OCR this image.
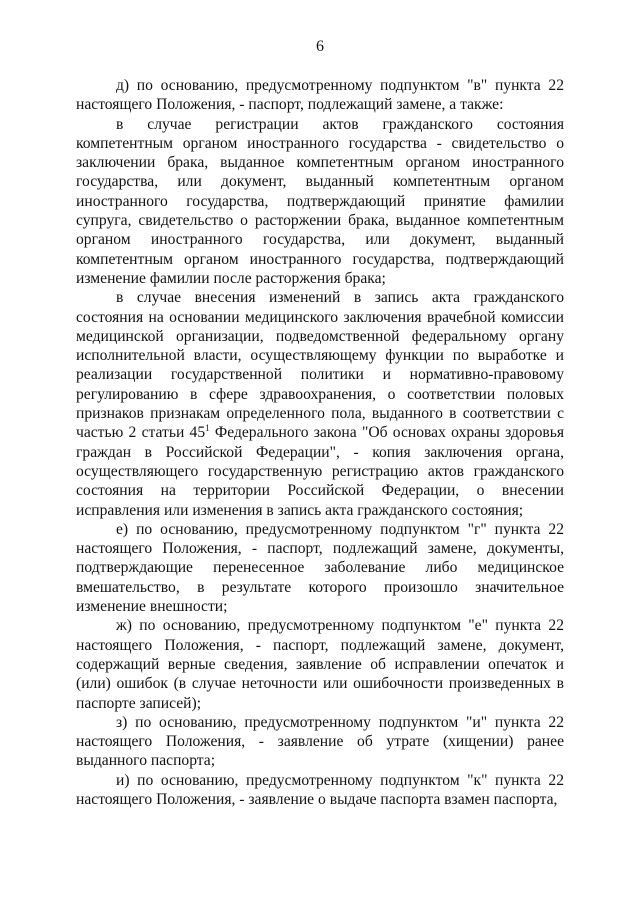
6

д) по основанию, предусмотренному подпунктом "в" пункта 22 настоящего Положения, - паспорт, подлежащий замене, а также:

в случае регистрации актов гражданского состояния компетентным органом иностранного государства - свидетельство о заключении брака, выданное компетентным органом иностранного государства, или документ, выданный компетентным органом иностранного государства, подтверждающий принятие фамилии супруга, свидетельство о расторжении брака, выданное компетентным органом иностранного государства, или документ, выданный компетентным органом иностранного государства, подтверждающий изменение фамилии после расторжения брака;

в случае внесения изменений в запись акта гражданского состояния на основании медицинского заключения врачебной комиссии медицинской организации, подведомственной федеральному органу исполнительной власти, осуществляющему функции по выработке и реализации государственной политики и нормативно-правовому регулированию в сфере здравоохранения, о соответствии половых признаков признакам определенного пола, выданного в соответствии с частью 2 статьи $45^1$ Федерального закона "Об основах охраны здоровья граждан в Российской Федерации", - копия заключения органа, осуществляющего государственную регистрацию актов гражданского состояния на территории Российской Федерации, о внесении исправления или изменения в запись акта гражданского состояния;

е) по основанию, предусмотренному подпунктом "г" пункта 22 настоящего Положения, - паспорт, подлежащий замене, документы, подтверждающие перенесенное заболевание либо медицинское вмешательство, в результате которого произошло значительное изменение внешности;

ж) по основанию, предусмотренному подпунктом "е" пункта 22 настоящего Положения, - паспорт, подлежащий замене, документ, содержащий верные сведения, заявление об исправлении опечаток и (или) ошибок (в случае неточности или ошибочности произведенных в паспорте записей);

з) по основанию, предусмотренному подпунктом "и" пункта 22 настоящего Положения, - заявление об утрате (хищении) ранее выданного паспорта;

и) по основанию, предусмотренному подпунктом "к" пункта 22 настоящего Положения, - заявление о выдаче паспорта взамен паспорта,
